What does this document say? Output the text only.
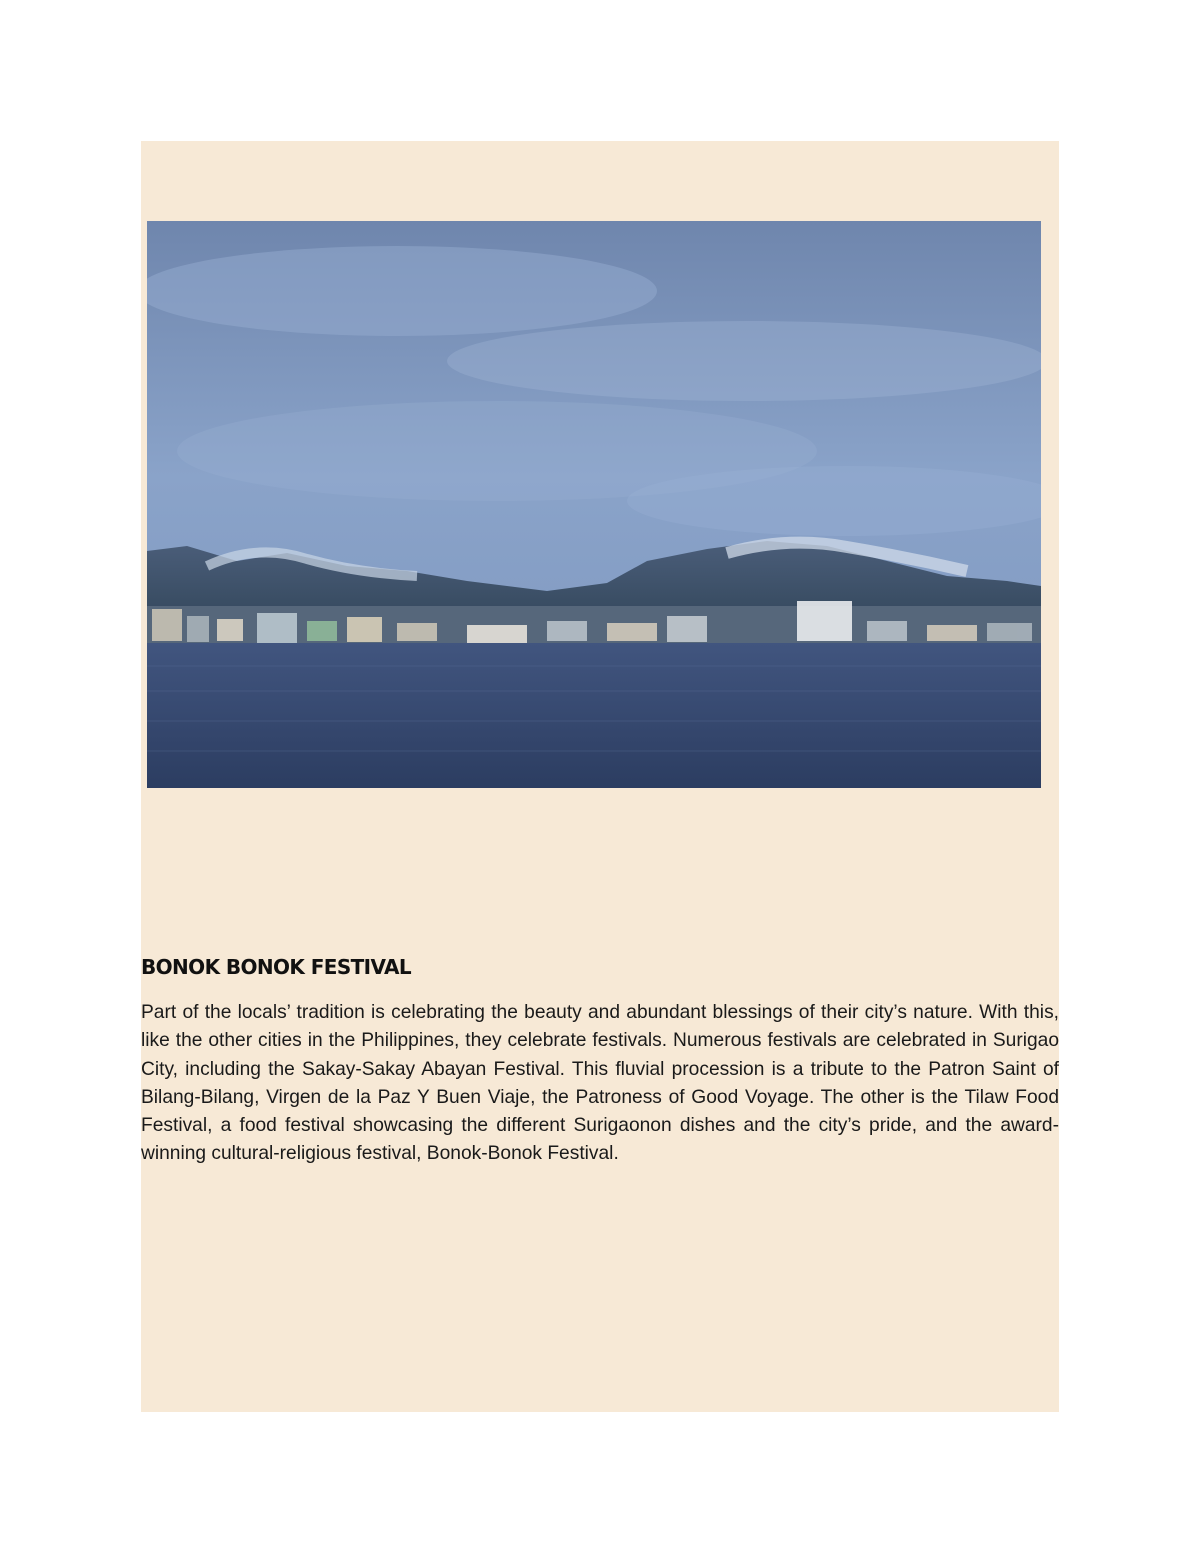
BONOK BONOK FESTIVAL

Part of the locals’ tradition is celebrating the beauty and abundant blessings of their city’s nature. With this, like the other cities in the Philippines, they celebrate festivals. Numerous festivals are celebrated in Surigao City, including the Sakay-Sakay Abayan Festival. This fluvial procession is a tribute to the Patron Saint of Bilang-Bilang, Virgen de la Paz Y Buen Viaje, the Patroness of Good Voyage. The other is the Tilaw Food Festival, a food festival showcasing the different Surigaonon dishes and the city’s pride, and the award-winning cultural-religious festival, Bonok-Bonok Festival.
